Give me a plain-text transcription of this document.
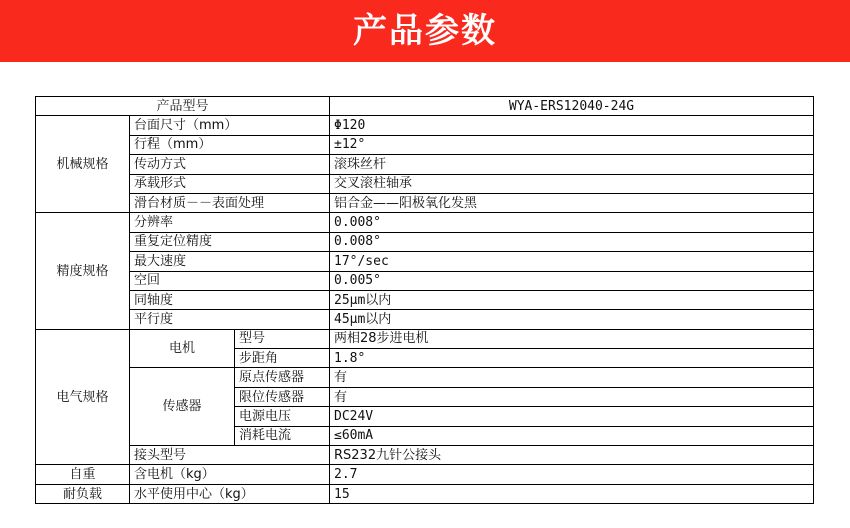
产品参数
产品型号			WYA-ERS12040-24G
机械规格	台面尺寸（mm）		Φ120
	行程（mm）		±12°
	传动方式		滚珠丝杆
	承载形式		交叉滚柱轴承
	滑台材质－－表面处理		铝合金——阳极氧化发黑
精度规格	分辨率		0.008°
	重复定位精度		0.008°
	最大速度		17°/sec
	空回		0.005°
	同轴度		25μm以内
	平行度		45μm以内
电气规格	电机	型号	两相28步进电机
		步距角	1.8°
	传感器	原点传感器	有
		限位传感器	有
		电源电压	DC24V
		消耗电流	≤60mA
	接头型号		RS232九针公接头
自重	含电机（kg）		2.7
耐负载	水平使用中心（kg）		15
